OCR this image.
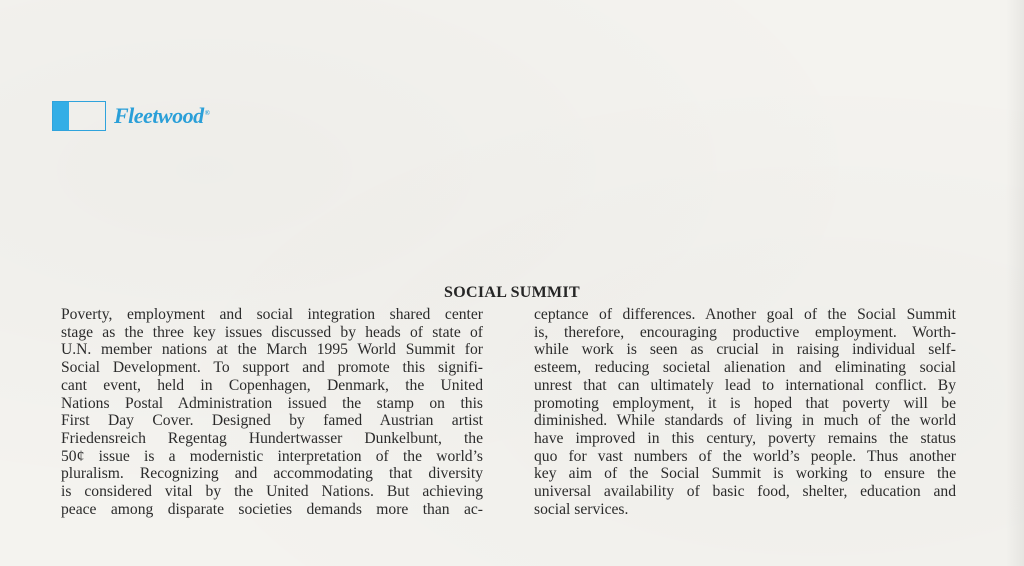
Fleetwood®
SOCIAL SUMMIT
Poverty, employment and social integration shared center
stage as the three key issues discussed by heads of state of
U.N. member nations at the March 1995 World Summit for
Social Development. To support and promote this signifi-
cant event, held in Copenhagen, Denmark, the United
Nations Postal Administration issued the stamp on this
First Day Cover. Designed by famed Austrian artist
Friedensreich Regentag Hundertwasser Dunkelbunt, the
50¢ issue is a modernistic interpretation of the world’s
pluralism. Recognizing and accommodating that diversity
is considered vital by the United Nations. But achieving
peace among disparate societies demands more than ac-
ceptance of differences. Another goal of the Social Summit
is, therefore, encouraging productive employment. Worth-
while work is seen as crucial in raising individual self-
esteem, reducing societal alienation and eliminating social
unrest that can ultimately lead to international conflict. By
promoting employment, it is hoped that poverty will be
diminished. While standards of living in much of the world
have improved in this century, poverty remains the status
quo for vast numbers of the world’s people. Thus another
key aim of the Social Summit is working to ensure the
universal availability of basic food, shelter, education and
social services.
